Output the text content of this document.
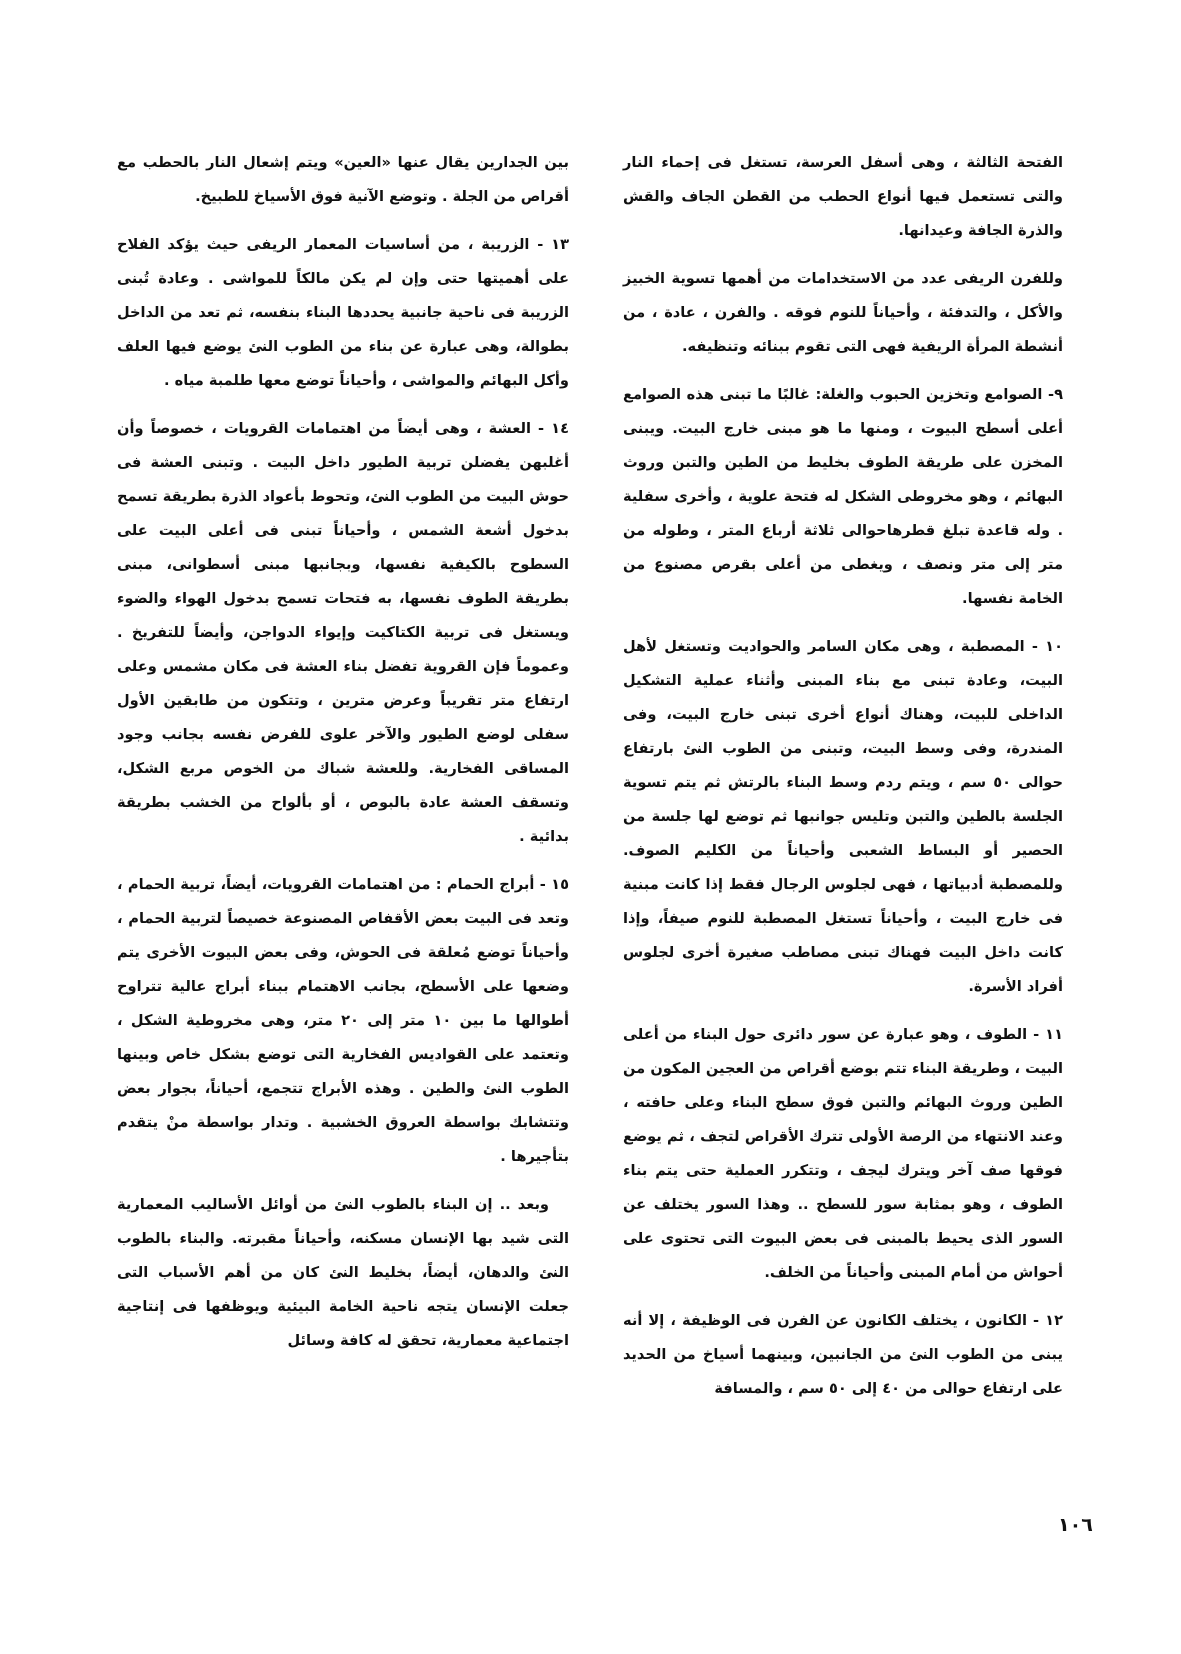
الفتحة الثالثة ، وهى أسفل العرسة، تستغل فى إحماء النار والتى تستعمل فيها أنواع الحطب من القطن الجاف والقش والذرة الجافة وعيدانها.

وللفرن الريفى عدد من الاستخدامات من أهمها تسوية الخبيز والأكل ، والتدفئة ، وأحياناً للنوم فوقه . والفرن ، عادة ، من أنشطة المرأة الريفية فهى التى تقوم ببنائه وتنظيفه.

٩- الصوامع وتخزين الحبوب والغلة: غالبًا ما تبنى هذه الصوامع أعلى أسطح البيوت ، ومنها ما هو مبنى خارج البيت. ويبنى المخزن على طريقة الطوف بخليط من الطين والتبن وروث البهائم ، وهو مخروطى الشكل له فتحة علوية ، وأخرى سفلية . وله قاعدة تبلغ قطرهاحوالى ثلاثة أرباع المتر ، وطوله من متر إلى متر ونصف ، ويغطى من أعلى بقرص مصنوع من الخامة نفسها.

١٠ - المصطبة ، وهى مكان السامر والحواديت وتستغل لأهل البيت، وعادة تبنى مع بناء المبنى وأثناء عملية التشكيل الداخلى للبيت، وهناك أنواع أخرى تبنى خارج البيت، وفى المندرة، وفى وسط البيت، وتبنى من الطوب النئ بارتفاع حوالى ٥٠ سم ، ويتم ردم وسط البناء بالرتش ثم يتم تسوية الجلسة بالطين والتبن وتليس جوانبها ثم توضع لها جلسة من الحصير أو البساط الشعبى وأحياناً من الكليم الصوف. وللمصطبة أدبياتها ، فهى لجلوس الرجال فقط إذا كانت مبنية فى خارج البيت ، وأحياناً تستغل المصطبة للنوم صيفاً، وإذا كانت داخل البيت فهناك تبنى مصاطب صغيرة أخرى لجلوس أفراد الأسرة.

١١ - الطوف ، وهو عبارة عن سور دائرى حول البناء من أعلى البيت ، وطريقة البناء تتم بوضع أقراص من العجين المكون من الطين وروث البهائم والتبن فوق سطح البناء وعلى حافته ، وعند الانتهاء من الرصة الأولى تترك الأقراص لتجف ، ثم يوضع فوقها صف آخر ويترك ليجف ، وتتكرر العملية حتى يتم بناء الطوف ، وهو بمثابة سور للسطح .. وهذا السور يختلف عن السور الذى يحيط بالمبنى فى بعض البيوت التى تحتوى على أحواش من أمام المبنى وأحياناً من الخلف.

١٢ - الكانون ، يختلف الكانون عن الفرن فى الوظيفة ، إلا أنه يبنى من الطوب النئ من الجانبين، وبينهما أسياخ من الحديد على ارتفاع حوالى من ٤٠ إلى ٥٠ سم ، والمسافة

بين الجدارين يقال عنها «العين» ويتم إشعال النار بالحطب مع أقراص من الجلة . وتوضع الآنية فوق الأسياخ للطبيخ.

١٣ - الزريبة ، من أساسيات المعمار الريفى حيث يؤكد الفلاح على أهميتها حتى وإن لم يكن مالكاً للمواشى . وعادة تُبنى الزريبة فى ناحية جانبية يحددها البناء بنفسه، ثم تعد من الداخل بطوالة، وهى عبارة عن بناء من الطوب النئ يوضع فيها العلف وأكل البهائم والمواشى ، وأحياناً توضع معها طلمبة مياه .

١٤ - العشة ، وهى أيضاً من اهتمامات القرويات ، خصوصاً وأن أغلبهن يفضلن تربية الطيور داخل البيت . وتبنى العشة فى حوش البيت من الطوب النئ، وتحوط بأعواد الذرة بطريقة تسمح بدخول أشعة الشمس ، وأحياناً تبنى فى أعلى البيت على السطوح بالكيفية نفسها، وبجانبها مبنى أسطوانى، مبنى بطريقة الطوف نفسها، به فتحات تسمح بدخول الهواء والضوء ويستغل فى تربية الكتاكيت وإيواء الدواجن، وأيضاً للتفريخ . وعموماً فإن القروية تفضل بناء العشة فى مكان مشمس وعلى ارتفاع متر تقريباً وعرض مترين ، وتتكون من طابقين الأول سفلى لوضع الطيور والآخر علوى للفرض نفسه بجانب وجود المساقى الفخارية. وللعشة شباك من الخوص مربع الشكل، وتسقف العشة عادة بالبوص ، أو بألواح من الخشب بطريقة بدائية .

١٥ - أبراج الحمام : من اهتمامات القرويات، أيضاً، تربية الحمام ، وتعد فى البيت بعض الأقفاص المصنوعة خصيصاً لتربية الحمام ، وأحياناً توضع مُعلقة فى الحوش، وفى بعض البيوت الأخرى يتم وضعها على الأسطح، بجانب الاهتمام ببناء أبراج عالية تتراوح أطوالها ما بين ١٠ متر إلى ٢٠ متر، وهى مخروطية الشكل ، وتعتمد على القواديس الفخارية التى توضع بشكل خاص وبينها الطوب النئ والطين . وهذه الأبراج تتجمع، أحياناً، بجوار بعض وتتشابك بواسطة العروق الخشبية . وتدار بواسطة منْ يتقدم بتأجيرها .

وبعد .. إن البناء بالطوب النئ من أوائل الأساليب المعمارية التى شيد بها الإنسان مسكنه، وأحياناً مقبرته. والبناء بالطوب النئ والدهان، أيضاً، بخليط النئ كان من أهم الأسباب التى جعلت الإنسان يتجه ناحية الخامة البيئية ويوظفها فى إنتاجية اجتماعية معمارية، تحقق له كافة وسائل

١٠٦
